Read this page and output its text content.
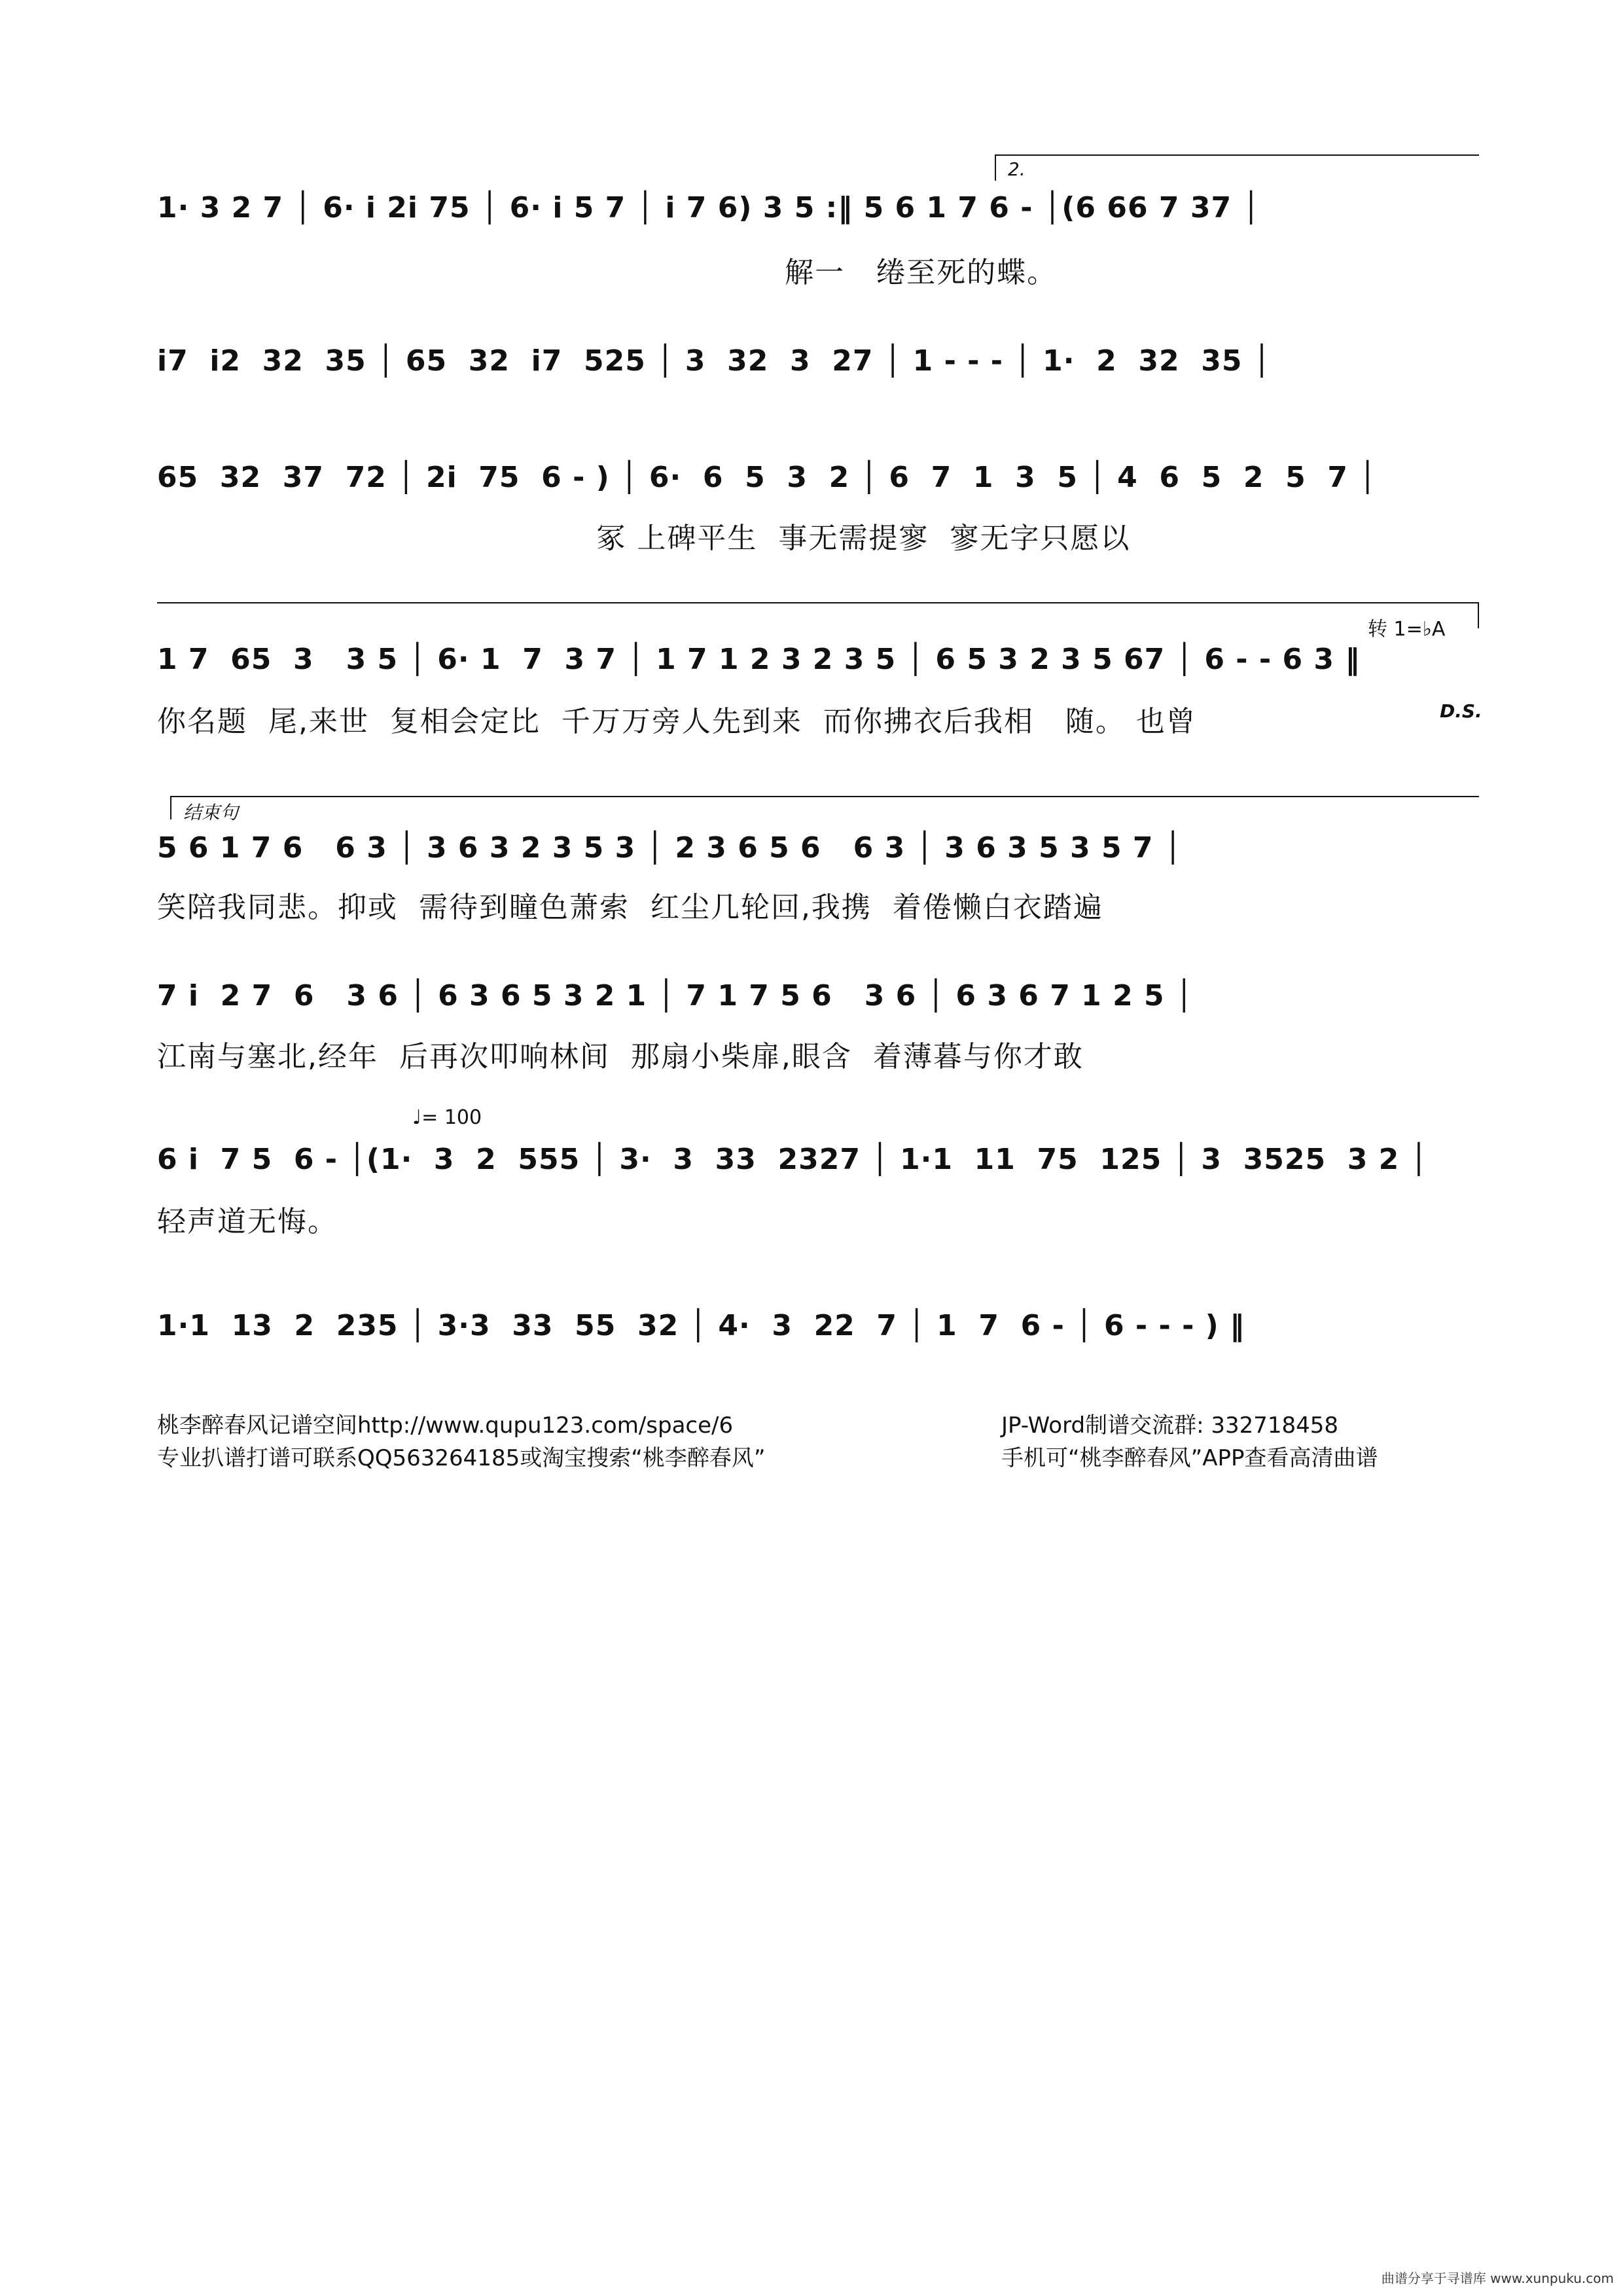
2.
1· 3 2 7 │ 6· i 2i 75 │ 6· i 5 7 │ i 7 6) 3 5 :‖ 5 6 1 7 6 - │(6 66 7 37 │
解一   绻至死的蝶。
i7  i2  32  35 │ 65  32  i7  525 │ 3  32  3  27 │ 1 - - - │ 1·  2  32  35 │
65  32  37  72 │ 2i  75  6 - ) │ 6·  6  5  3  2 │ 6  7  1  3  5 │ 4  6  5  2  5  7 │
冢 上碑平生  事无需提寥  寥无字只愿以
转 1=♭A
1 7  65  3   3 5 │ 6· 1  7  3 7 │ 1 7 1 2 3 2 3 5 │ 6 5 3 2 3 5 67 │ 6 - - 6 3 ‖
你名题  尾,来世  复相会定比  千万万旁人先到来  而你拂衣后我相   随。 也曾	D.S.
结束句
5 6 1 7 6   6 3 │ 3 6 3 2 3 5 3 │ 2 3 6 5 6   6 3 │ 3 6 3 5 3 5 7 │
笑陪我同悲。抑或  需待到瞳色萧索  红尘几轮回,我携  着倦懒白衣踏遍
7 i  2 7  6   3 6 │ 6 3 6 5 3 2 1 │ 7 1 7 5 6   3 6 │ 6 3 6 7 1 2 5 │
江南与塞北,经年  后再次叩响林间  那扇小柴扉,眼含  着薄暮与你才敢
♩= 100
6 i  7 5  6 - │(1·  3  2  555 │ 3·  3  33  2327 │ 1·1  11  75  125 │ 3  3525  3 2 │
轻声道无悔。
1·1  13  2  235 │ 3·3  33  55  32 │ 4·  3  22  7 │ 1  7  6 - │ 6 - - - ) ‖
桃李醉春风记谱空间http://www.qupu123.com/space/6
专业扒谱打谱可联系QQ563264185或淘宝搜索“桃李醉春风”
JP-Word制谱交流群: 332718458
手机可“桃李醉春风”APP查看高清曲谱
曲谱分享于寻谱库 www.xunpuku.com
